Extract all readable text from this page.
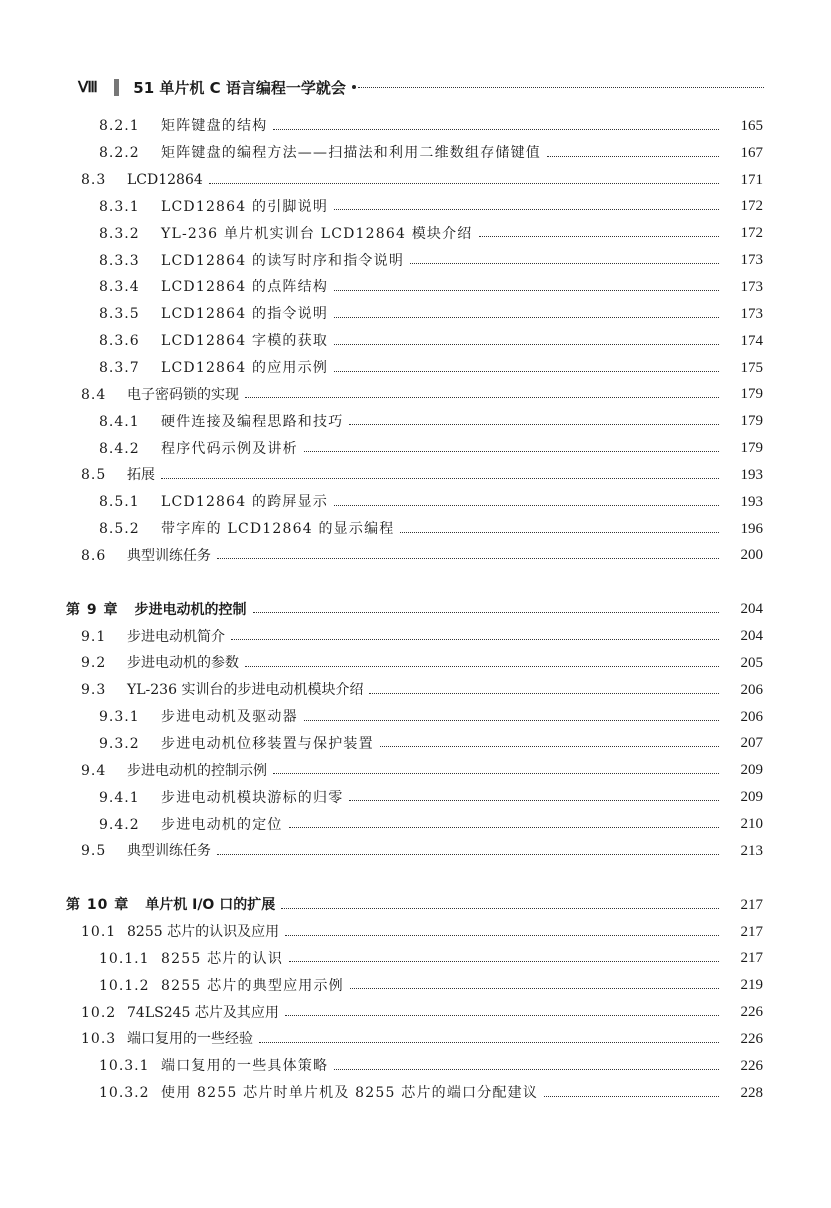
Ⅷ 51 单片机 C 语言编程一学就会
8.2.1	矩阵键盘的结构	165
8.2.2	矩阵键盘的编程方法——扫描法和利用二维数组存储键值	167
8.3	LCD12864	171
8.3.1	LCD12864 的引脚说明	172
8.3.2	YL-236 单片机实训台 LCD12864 模块介绍	172
8.3.3	LCD12864 的读写时序和指令说明	173
8.3.4	LCD12864 的点阵结构	173
8.3.5	LCD12864 的指令说明	173
8.3.6	LCD12864 字模的获取	174
8.3.7	LCD12864 的应用示例	175
8.4	电子密码锁的实现	179
8.4.1	硬件连接及编程思路和技巧	179
8.4.2	程序代码示例及讲析	179
8.5	拓展	193
8.5.1	LCD12864 的跨屏显示	193
8.5.2	带字库的 LCD12864 的显示编程	196
8.6	典型训练任务	200
第 9 章 步进电动机的控制	204
9.1	步进电动机简介	204
9.2	步进电动机的参数	205
9.3	YL-236 实训台的步进电动机模块介绍	206
9.3.1	步进电动机及驱动器	206
9.3.2	步进电动机位移装置与保护装置	207
9.4	步进电动机的控制示例	209
9.4.1	步进电动机模块游标的归零	209
9.4.2	步进电动机的定位	210
9.5	典型训练任务	213
第 10 章 单片机 I/O 口的扩展	217
10.1 8255 芯片的认识及应用	217
10.1.1 8255 芯片的认识	217
10.1.2 8255 芯片的典型应用示例	219
10.2 74LS245 芯片及其应用	226
10.3 端口复用的一些经验	226
10.3.1 端口复用的一些具体策略	226
10.3.2 使用 8255 芯片时单片机及 8255 芯片的端口分配建议	228
